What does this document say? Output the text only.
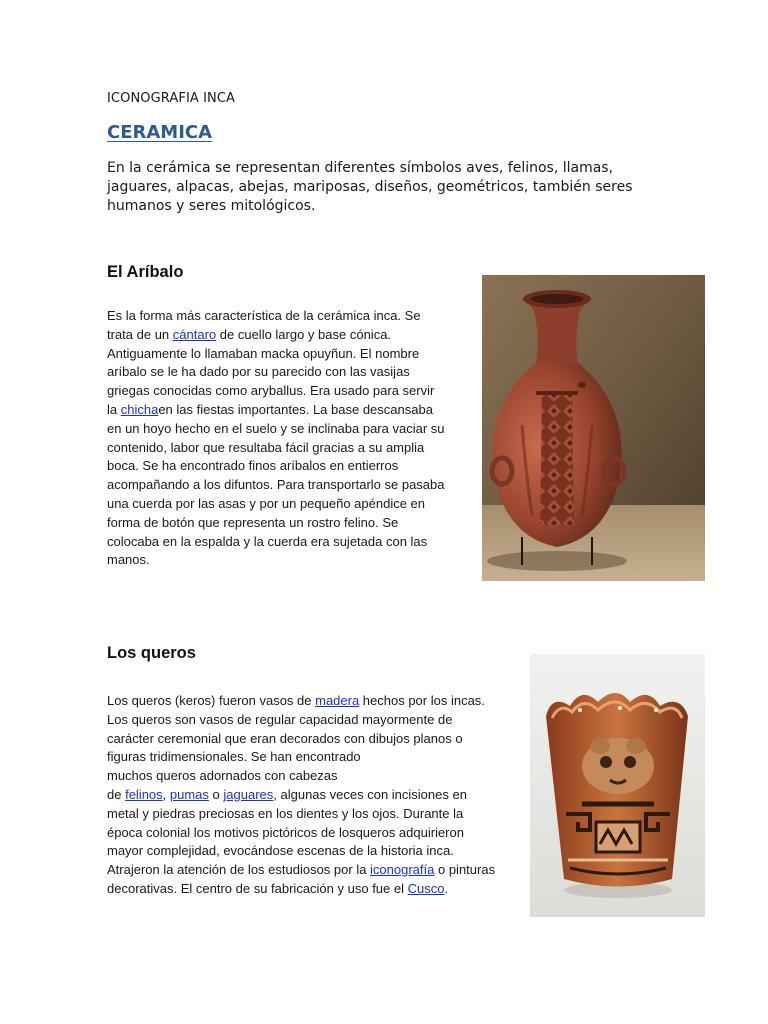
ICONOGRAFIA INCA
CERAMICA
En la cerámica se representan diferentes símbolos aves, felinos, llamas, jaguares, alpacas, abejas, mariposas, diseños, geométricos, también seres humanos y seres mitológicos.
El Aríbalo
Es la forma más característica de la cerámica inca. Se
trata de un cántaro de cuello largo y base cónica.
Antiguamente lo llamaban macka opuyñun. El nombre
aríbalo se le ha dado por su parecido con las vasijas
griegas conocidas como aryballus. Era usado para servir
la chichaen las fiestas importantes. La base descansaba
en un hoyo hecho en el suelo y se inclinaba para vaciar su
contenido, labor que resultaba fácil gracias a su amplia
boca. Se ha encontrado finos aríbalos en entierros
acompañando a los difuntos. Para transportarlo se pasaba
una cuerda por las asas y por un pequeño apéndice en
forma de botón que representa un rostro felino. Se
colocaba en la espalda y la cuerda era sujetada con las
manos.
Los queros
Los queros (keros) fueron vasos de madera hechos por los incas.
Los queros son vasos de regular capacidad mayormente de
carácter ceremonial que eran decorados con dibujos planos o
figuras tridimensionales. Se han encontrado
muchos queros adornados con cabezas
de felinos, pumas o jaguares, algunas veces con incisiones en
metal y piedras preciosas en los dientes y los ojos. Durante la
época colonial los motivos pictóricos de losqueros adquirieron
mayor complejidad, evocándose escenas de la historia inca.
Atrajeron la atención de los estudiosos por la iconografía o pinturas
decorativas. El centro de su fabricación y uso fue el Cusco.
